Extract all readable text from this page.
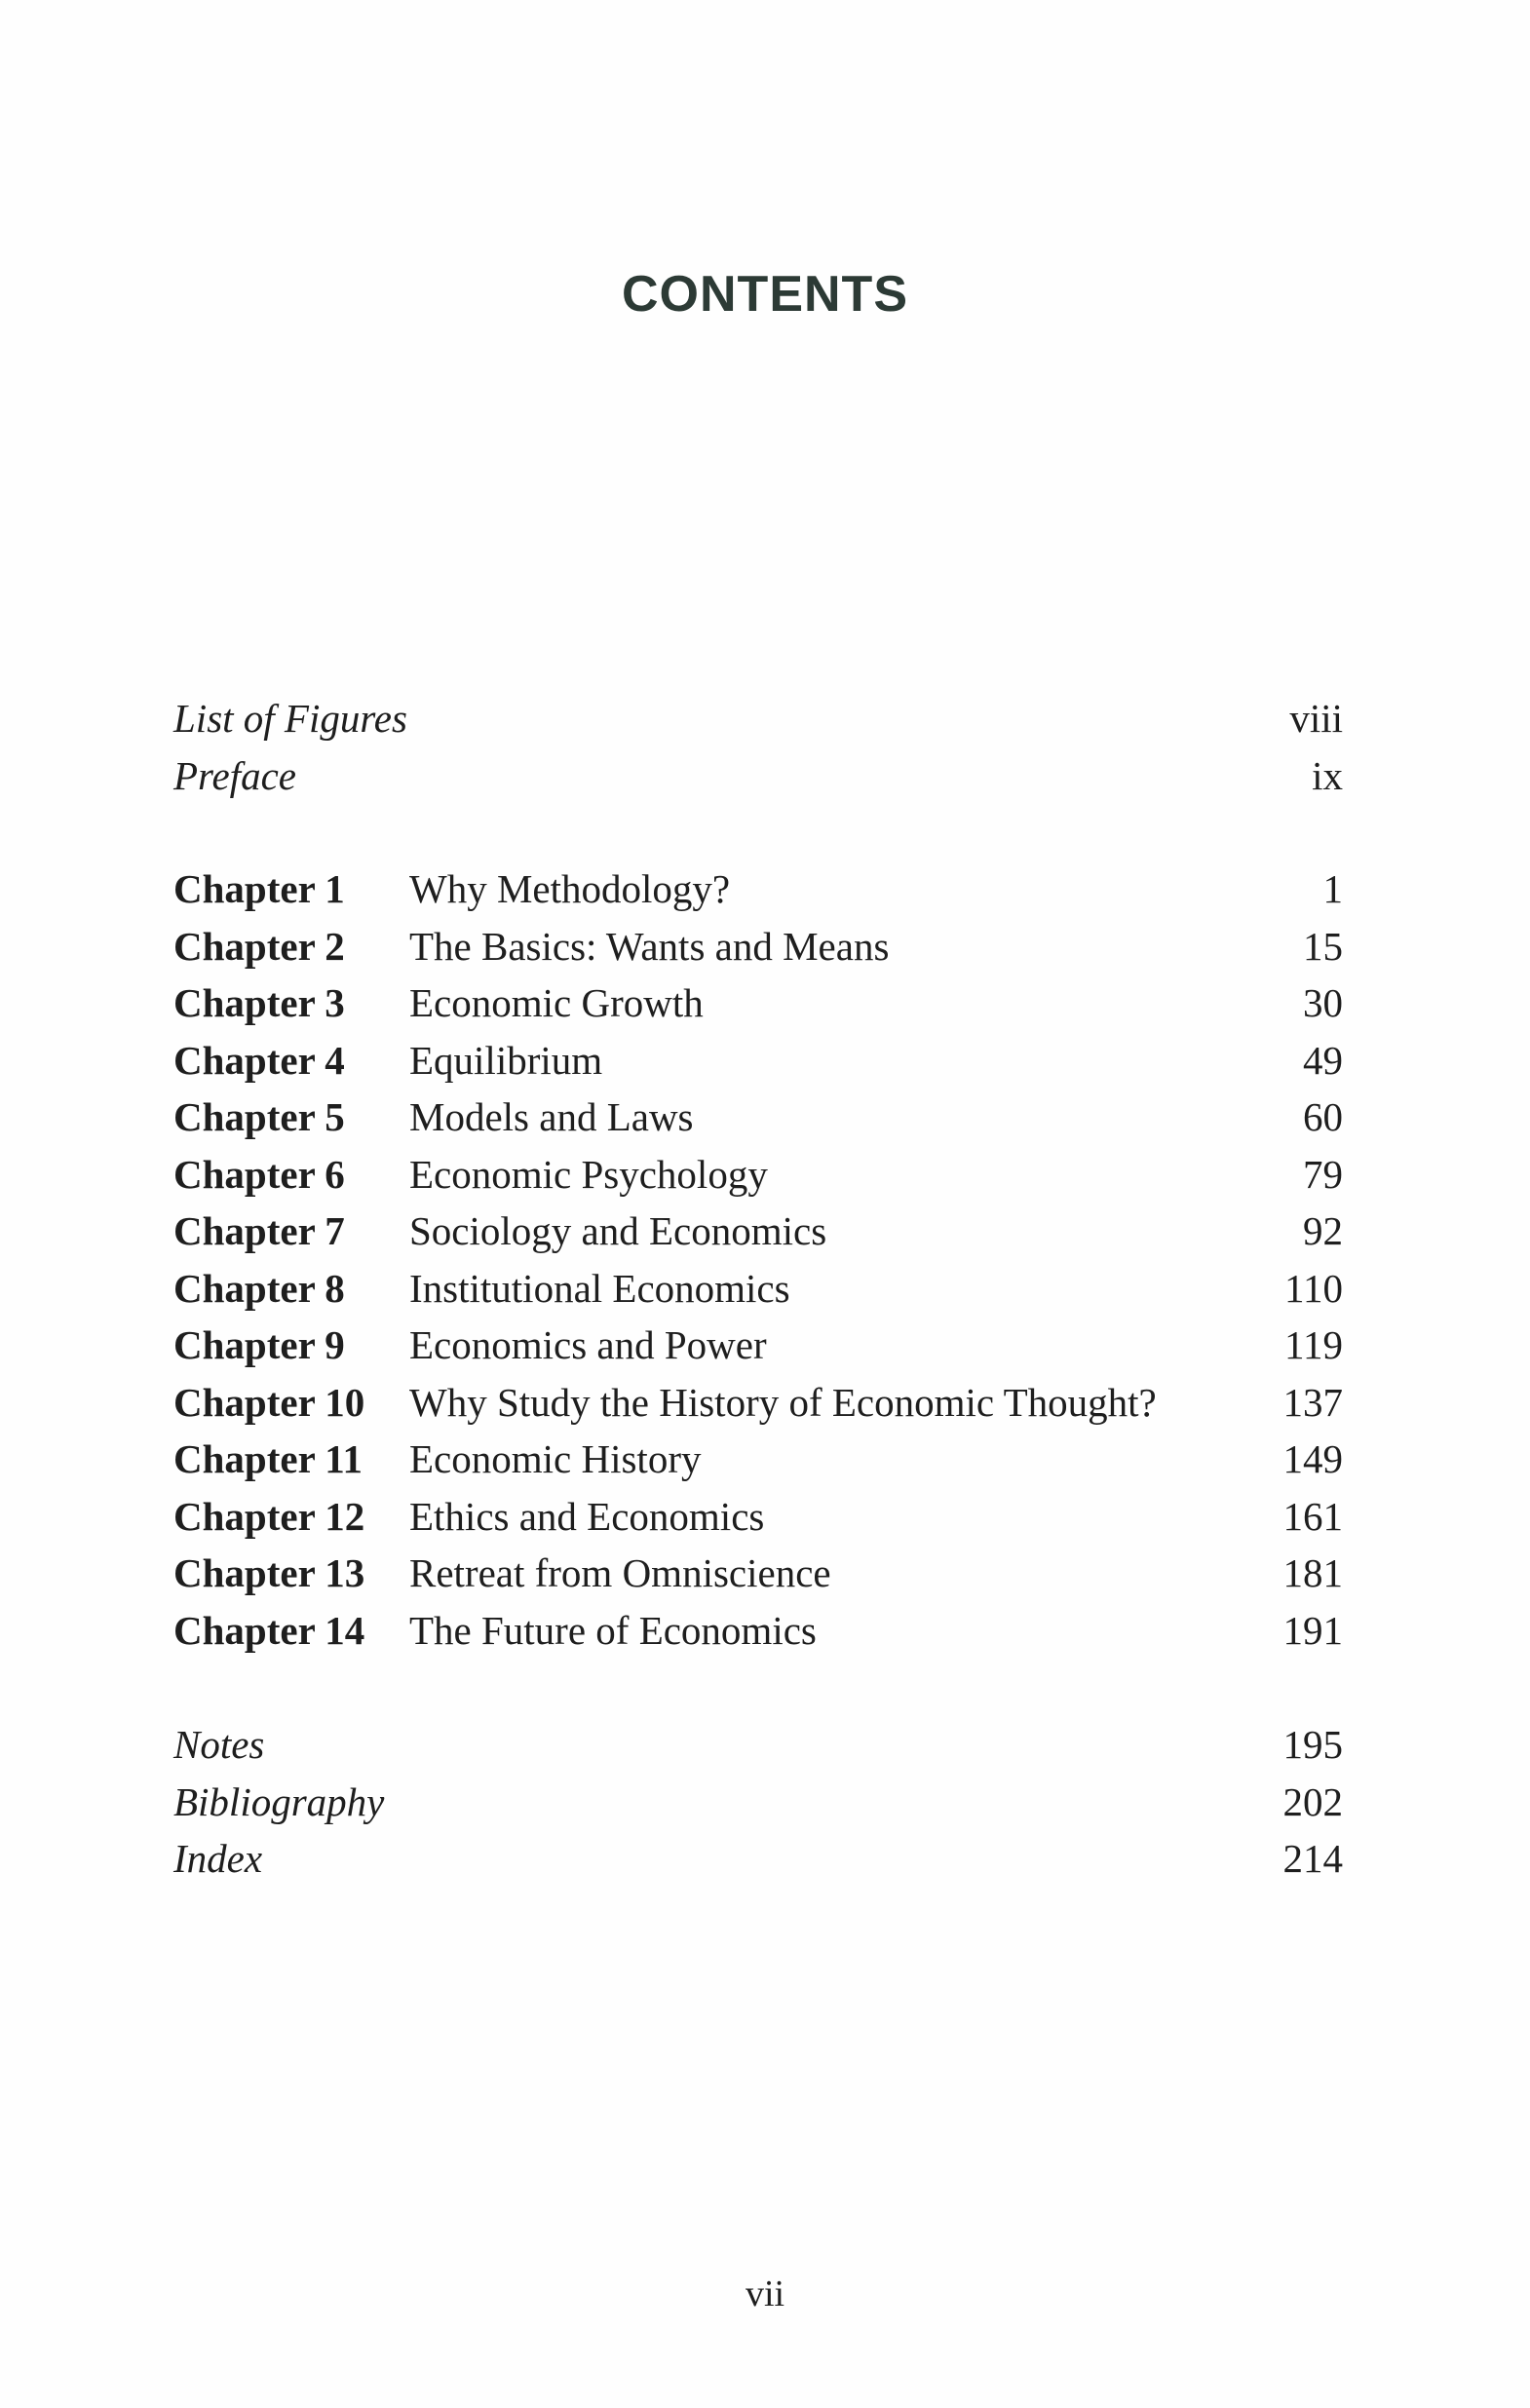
CONTENTS
List of Figures	viii
Preface	ix
Chapter 1 Why Methodology?	1
Chapter 2 The Basics: Wants and Means	15
Chapter 3 Economic Growth	30
Chapter 4 Equilibrium	49
Chapter 5 Models and Laws	60
Chapter 6 Economic Psychology	79
Chapter 7 Sociology and Economics	92
Chapter 8 Institutional Economics	110
Chapter 9 Economics and Power	119
Chapter 10 Why Study the History of Economic Thought?	137
Chapter 11 Economic History	149
Chapter 12 Ethics and Economics	161
Chapter 13 Retreat from Omniscience	181
Chapter 14 The Future of Economics	191
Notes	195
Bibliography	202
Index	214
vii
